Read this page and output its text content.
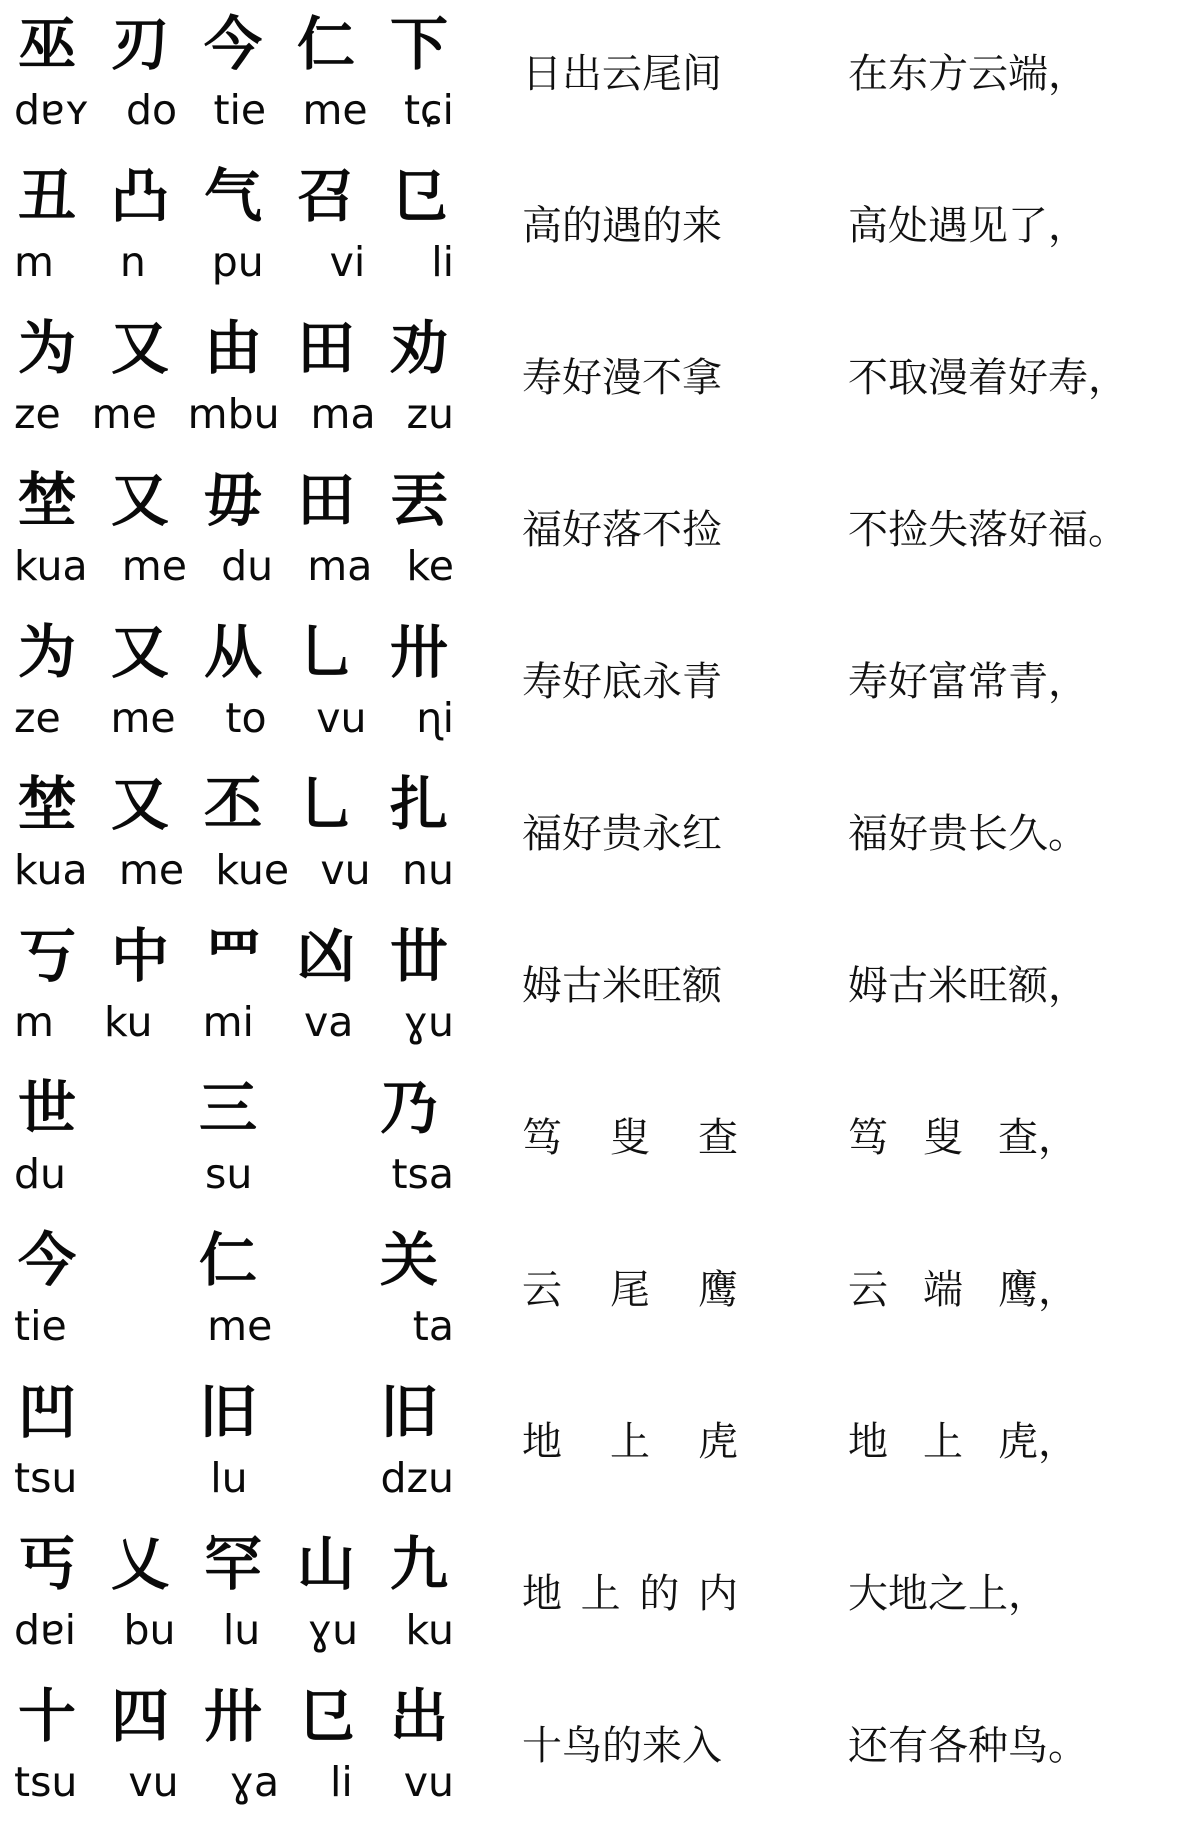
巫 刃 今 仁 下
dɐʏ do tie me tɕi
日出云尾间	在东方云端，
丑 凸 气 召 㔾
m n pu vi li
高的遇的来	高处遇见了，
为 又 由 田 劝
ze me mbu ma zu
寿好漫不拿	不取漫着好寿，
埜 又 毋 田 丟
kua me du ma ke
福好落不捡	不捡失落好福。
为 又 从 乚 卅
ze me to vu ɳi
寿好底永青	寿好富常青，
埜 又 丕 乚 扎
kua me kue vu nu
福好贵永红	福好贵长久。
丂 中 罒 凶 丗
m ku mi va ɣu
姆古米旺额	姆古米旺额，
世 三 乃
du	su	tsa
笃 叟 查	笃 叟 查，
今 仁 关
tie	me	ta
云 尾 鹰	云 端 鹰，
凹 旧 旧
tsu	lu	dzu
地 上 虎	地 上 虎，
丐 乂 罕 山 九
dɐi bu lu ɣu ku
地 上 的 内	大地之上，
十 四 卅 㔾 出
tsu vu ɣa li vu
十鸟的来入	还有各种鸟。
